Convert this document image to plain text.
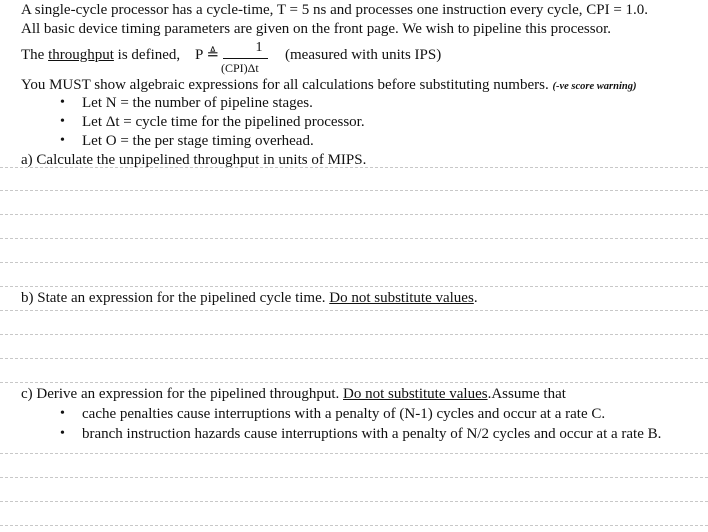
A single-cycle processor has a cycle-time, T = 5 ns and processes one instruction every cycle, CPI = 1.0.
All basic device timing parameters are given on the front page. We wish to pipeline this processor.
The throughput is defined, P ≜	1
(CPI)Δt
(measured with units IPS)
You MUST show algebraic expressions for all calculations before substituting numbers. (-ve score warning)
• Let N = the number of pipeline stages.
• Let Δt = cycle time for the pipelined processor.
• Let O = the per stage timing overhead.
a) Calculate the unpipelined throughput in units of MIPS.
b) State an expression for the pipelined cycle time. Do not substitute values.
c) Derive an expression for the pipelined throughput. Do not substitute values.Assume that
• cache penalties cause interruptions with a penalty of (N-1) cycles and occur at a rate C.
• branch instruction hazards cause interruptions with a penalty of N/2 cycles and occur at a rate B.
